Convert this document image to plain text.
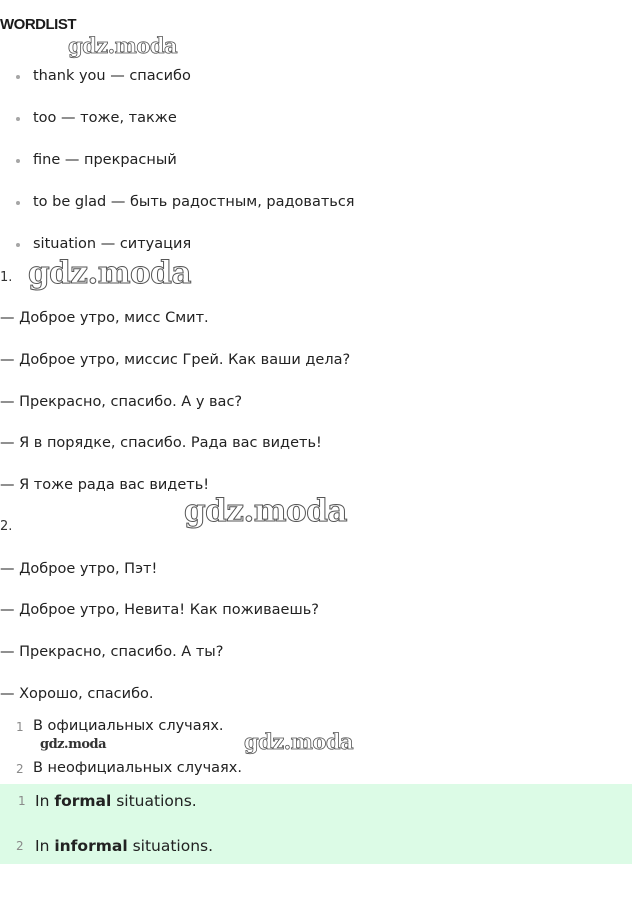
WORDLIST
gdz.moda
thank you — спасибо
too — тоже, также
fine — прекрасный
to be glad — быть радостным, радоваться
situation — ситуация
1. gdz.moda
— Доброе утро, мисс Смит.
— Доброе утро, миссис Грей. Как ваши дела?
— Прекрасно, спасибо. А у вас?
— Я в порядке, спасибо. Рада вас видеть!
— Я тоже рада вас видеть!
gdz.moda
2.
— Доброе утро, Пэт!
— Доброе утро, Невита! Как поживаешь?
— Прекрасно, спасибо. А ты?
— Хорошо, спасибо.
1 В официальных случаях.
gdz.moda	gdz.moda
2 В неофициальных случаях.
1 In formal situations.
2 In informal situations.
